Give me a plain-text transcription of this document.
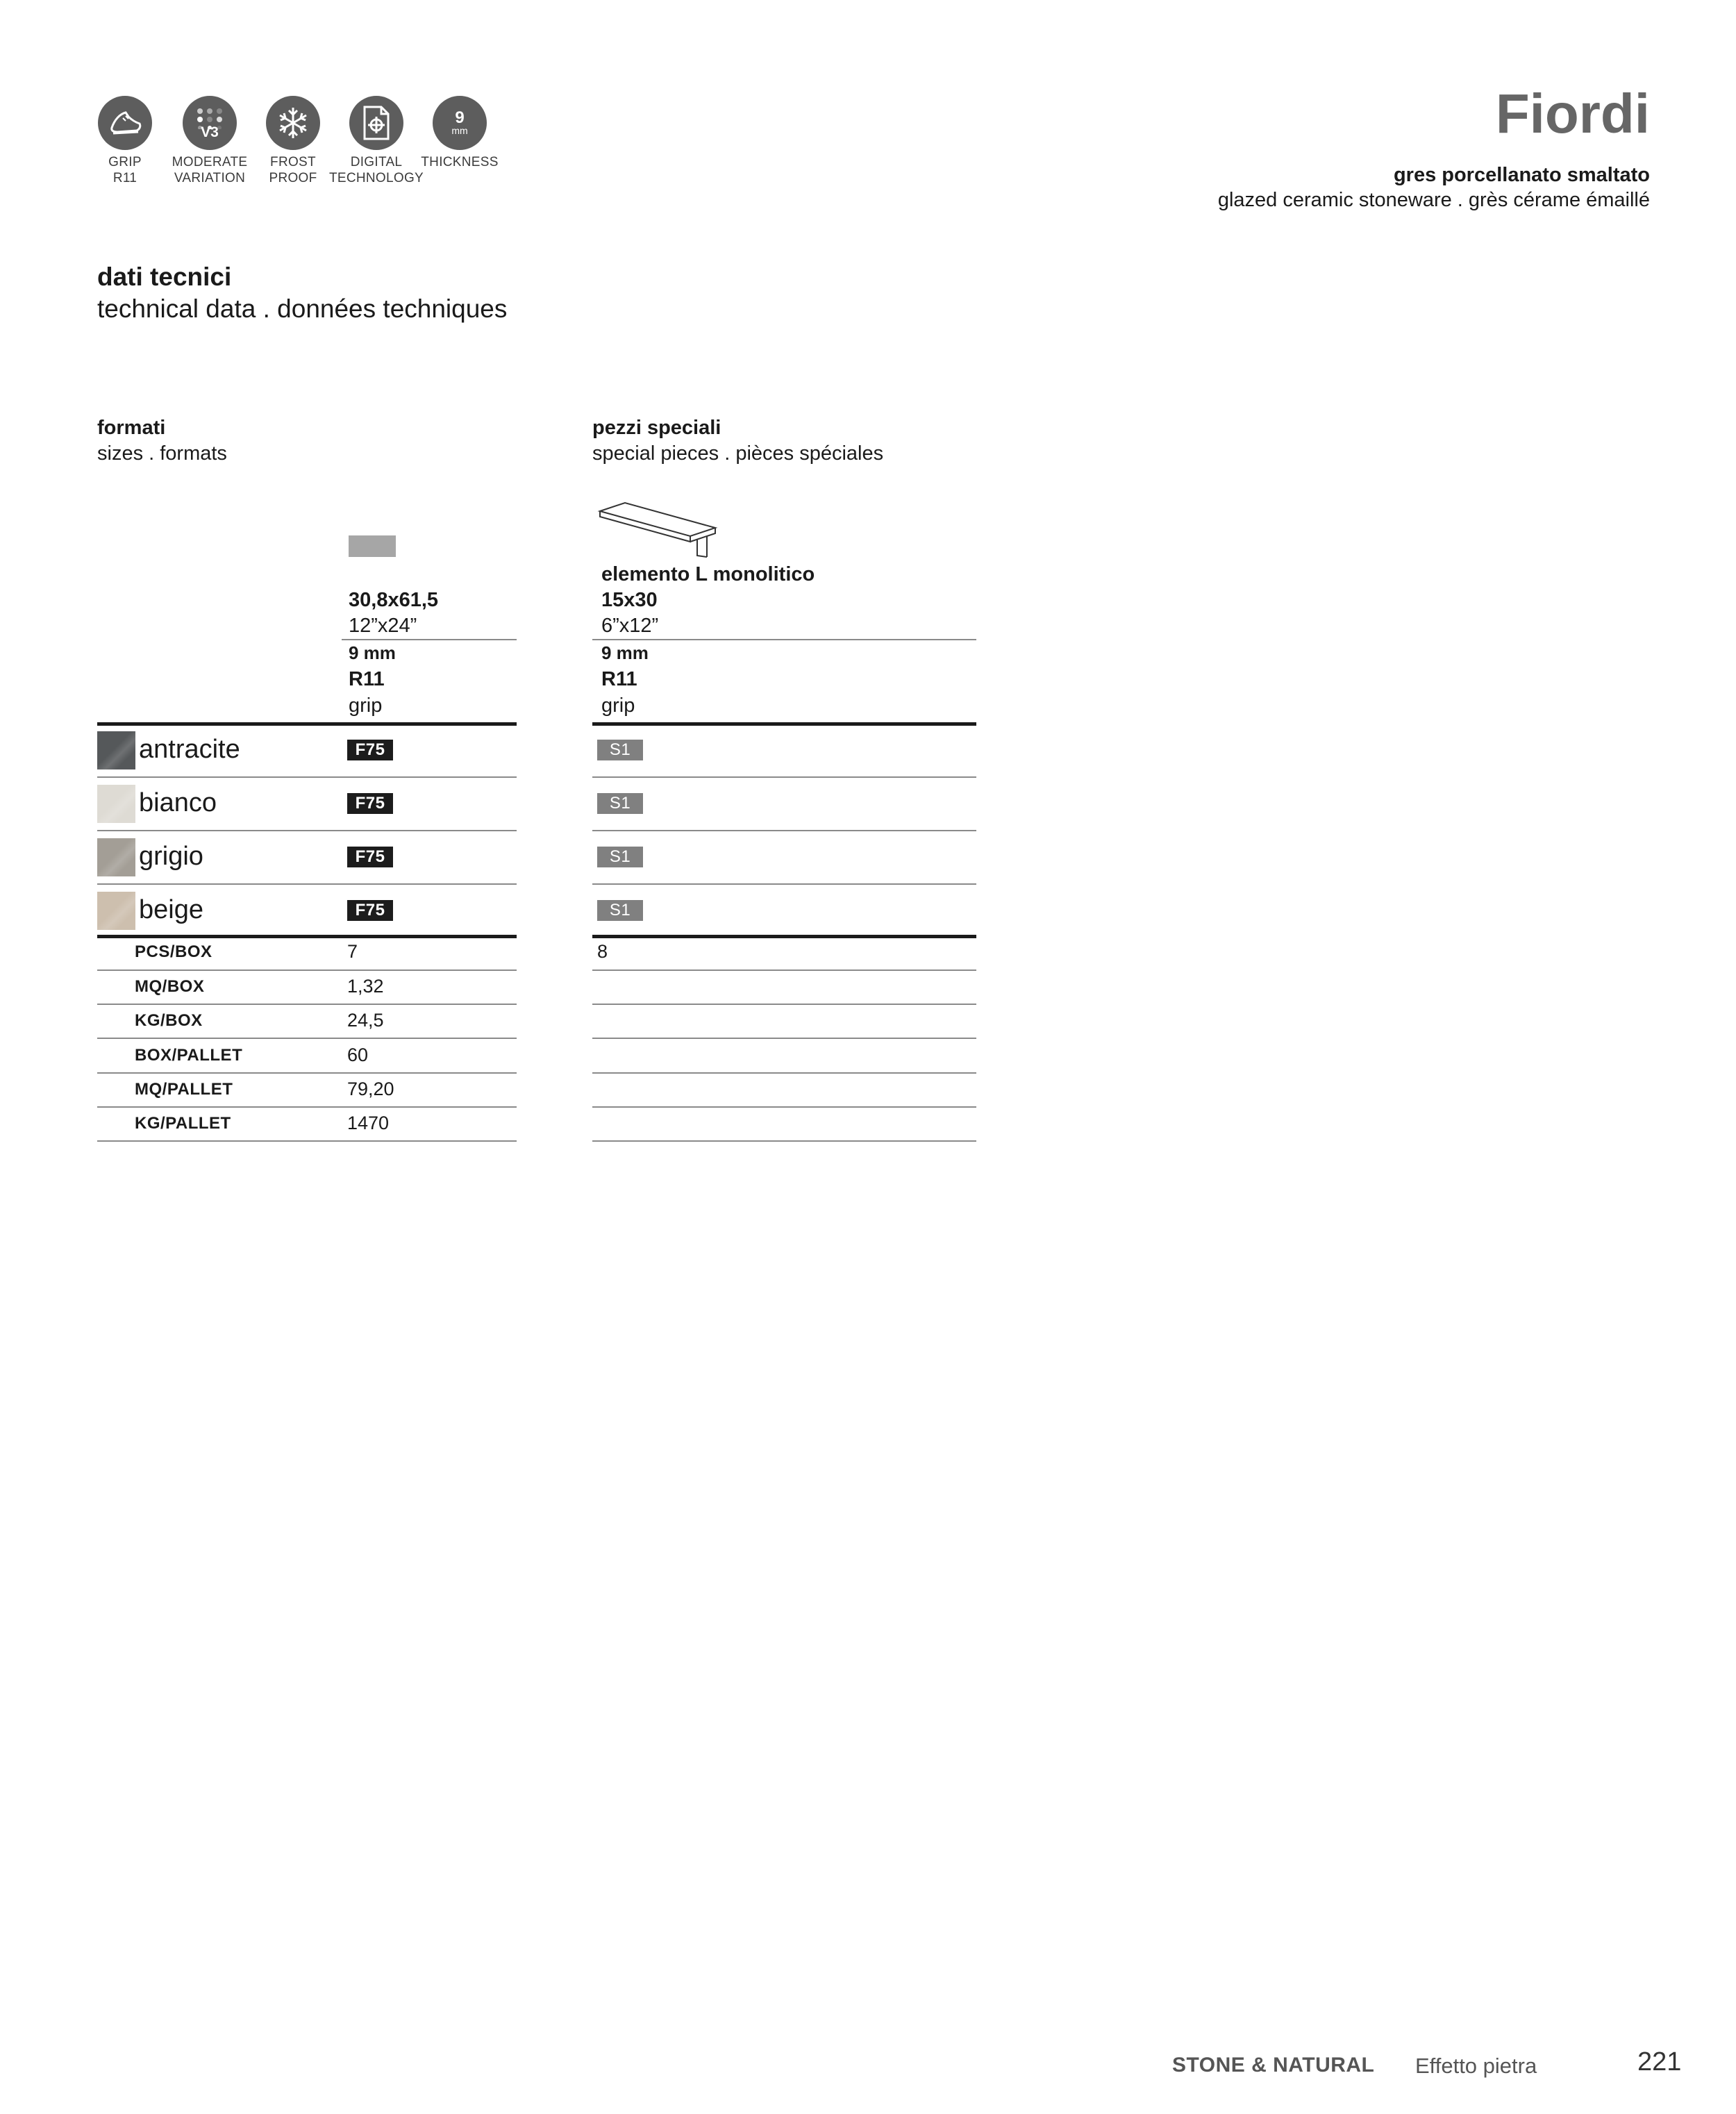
GRIP
R11
V3
MODERATE
VARIATION
FROST
PROOF
DIGITAL
TECHNOLOGY
9
mm
THICKNESS
Fiordi
gres porcellanato smaltato
glazed ceramic stoneware . grès cérame émaillé
dati tecnici
technical data . données techniques
formati
sizes . formats
pezzi speciali
special pieces . pièces spéciales
30,8x61,5
12”x24”
9 mm
R11
grip
elemento L monolitico
15x30
6”x12”
9 mm
R11
grip
antracite	F75	S1
bianco	F75	S1
grigio	F75	S1
beige	F75	S1
PCS/BOX	7	8
MQ/BOX	1,32
KG/BOX	24,5
BOX/PALLET	60
MQ/PALLET	79,20
KG/PALLET	1470
STONE & NATURAL Effetto pietra	221
